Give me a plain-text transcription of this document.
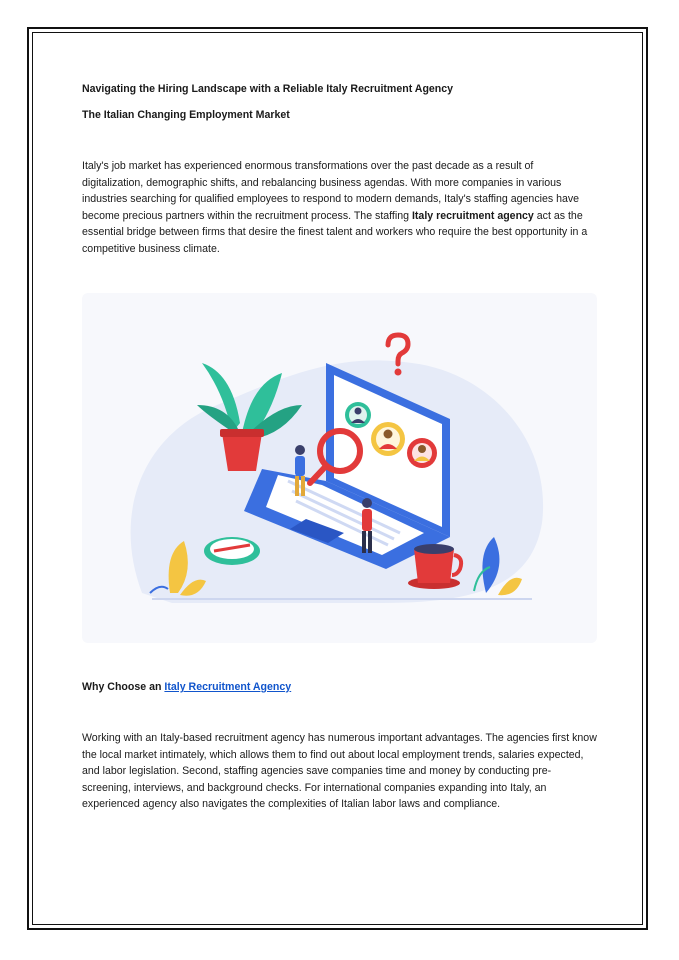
Navigating the Hiring Landscape with a Reliable Italy Recruitment Agency

The Italian Changing Employment Market

Italy's job market has experienced enormous transformations over the past decade as a result of digitalization, demographic shifts, and rebalancing business agendas. With more companies in various industries searching for qualified employees to respond to modern demands, Italy's staffing agencies have become precious partners within the recruitment process. The staffing Italy recruitment agency act as the essential bridge between firms that desire the finest talent and workers who require the best opportunity in a competitive business climate.

Why Choose an Italy Recruitment Agency

Working with an Italy-based recruitment agency has numerous important advantages. The agencies first know the local market intimately, which allows them to find out about local employment trends, salaries expected, and labor legislation. Second, staffing agencies save companies time and money by conducting pre-screening, interviews, and background checks. For international companies expanding into Italy, an experienced agency also navigates the complexities of Italian labor laws and compliance.
